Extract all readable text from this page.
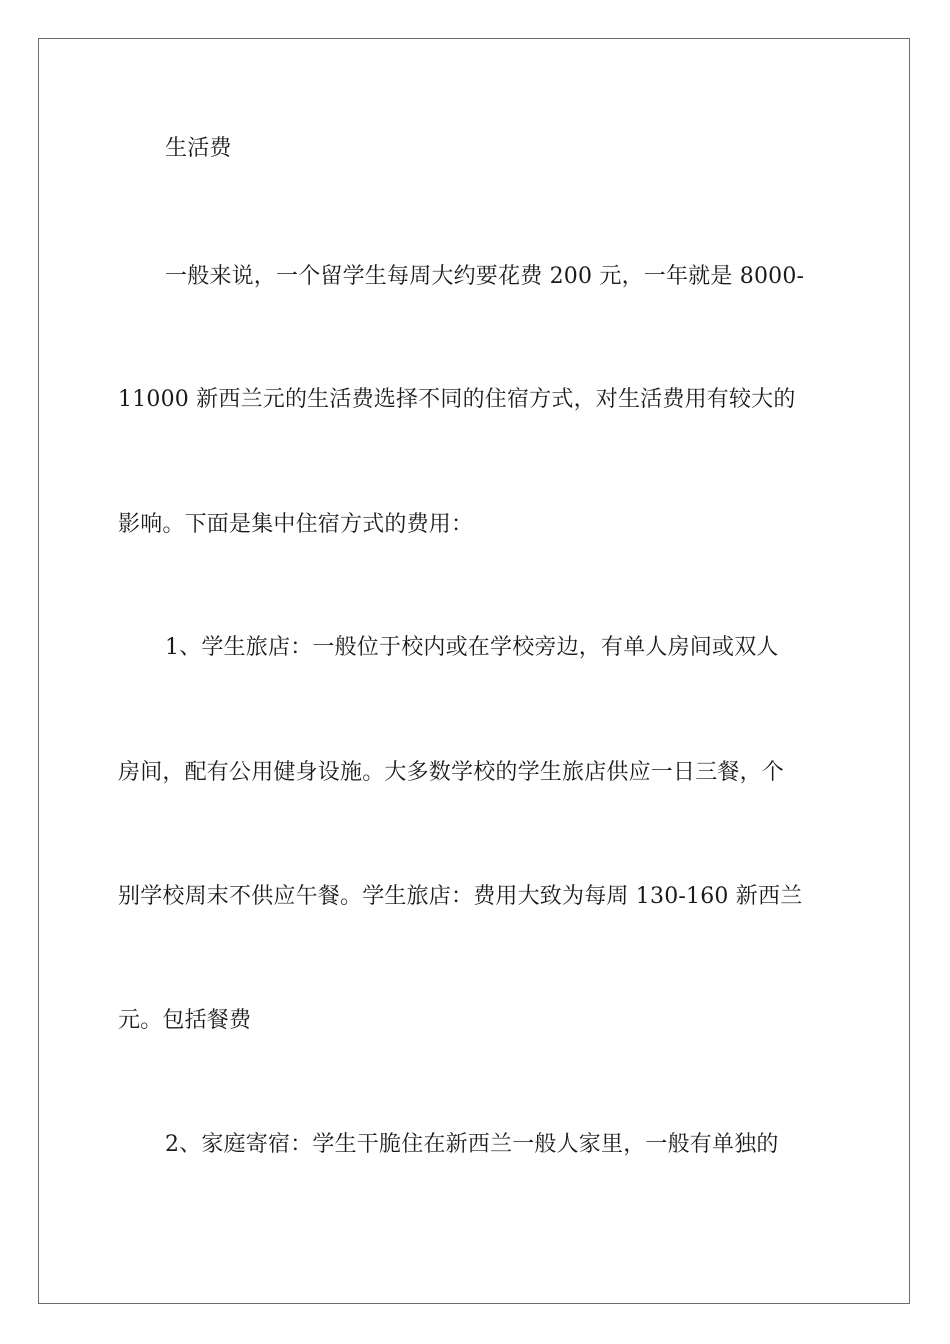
生活费

一般来说，一个留学生每周大约要花费 200 元，一年就是 8000-

11000 新西兰元的生活费选择不同的住宿方式，对生活费用有较大的

影响。下面是集中住宿方式的费用：

1、学生旅店：一般位于校内或在学校旁边，有单人房间或双人

房间，配有公用健身设施。大多数学校的学生旅店供应一日三餐，个

别学校周末不供应午餐。学生旅店：费用大致为每周 130-160 新西兰

元。包括餐费

2、家庭寄宿：学生干脆住在新西兰一般人家里，一般有单独的
